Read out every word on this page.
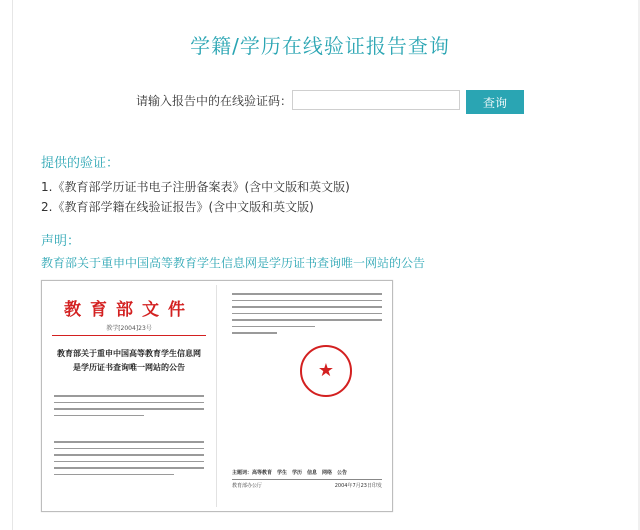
学籍/学历在线验证报告查询
请输入报告中的在线验证码：	查询
提供的验证：
1.《教育部学历证书电子注册备案表》(含中文版和英文版)
2.《教育部学籍在线验证报告》(含中文版和英文版)
声明：
教育部关于重申中国高等教育学生信息网是学历证书查询唯一网站的公告
教育部文件
教学[2004]23号
教育部关于重申中国高等教育学生信息网
是学历证书查询唯一网站的公告	★
主题词：高等教育　学生　学历　信息　网络　公告
教育部办公厅	2004年7月23日印发
